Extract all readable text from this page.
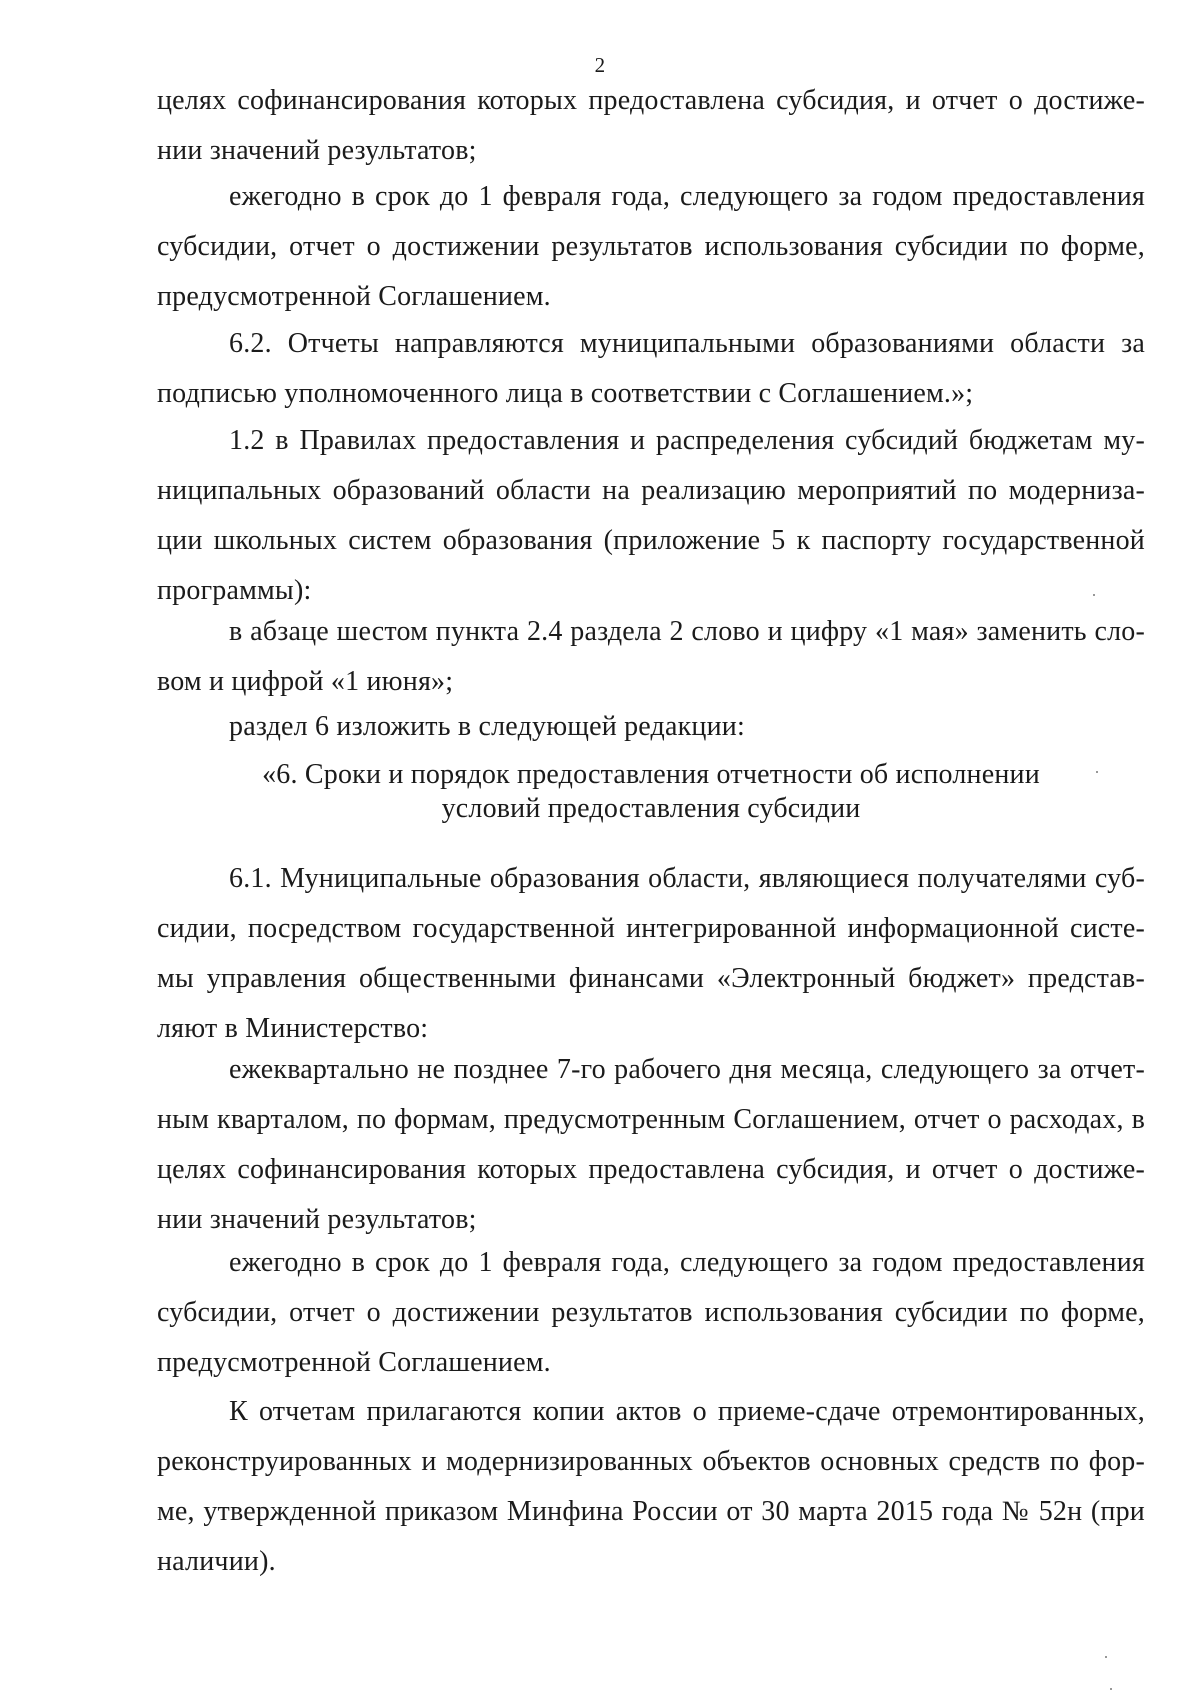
2

целях софинансирования которых предоставлена субсидия, и отчет о достиже-нии значений результатов;

ежегодно в срок до 1 февраля года, следующего за годом предоставления субсидии, отчет о достижении результатов использования субсидии по форме, предусмотренной Соглашением.

6.2. Отчеты направляются муниципальными образованиями области за подписью уполномоченного лица в соответствии с Соглашением.»;

1.2 в Правилах предоставления и распределения субсидий бюджетам му-ниципальных образований области на реализацию мероприятий по модерниза-ции школьных систем образования (приложение 5 к паспорту государственной программы):

в абзаце шестом пункта 2.4 раздела 2 слово и цифру «1 мая» заменить сло-вом и цифрой «1 июня»;

раздел 6 изложить в следующей редакции:

«6. Сроки и порядок предоставления отчетности об исполнении

условий предоставления субсидии

6.1. Муниципальные образования области, являющиеся получателями суб-сидии, посредством государственной интегрированной информационной систе-мы управления общественными финансами «Электронный бюджет» представ-ляют в Министерство:

ежеквартально не позднее 7-го рабочего дня месяца, следующего за отчет-ным кварталом, по формам, предусмотренным Соглашением, отчет о расходах, в целях софинансирования которых предоставлена субсидия, и отчет о достиже-нии значений результатов;

ежегодно в срок до 1 февраля года, следующего за годом предоставления субсидии, отчет о достижении результатов использования субсидии по форме, предусмотренной Соглашением.

К отчетам прилагаются копии актов о приеме-сдаче отремонтированных, реконструированных и модернизированных объектов основных средств по фор-ме, утвержденной приказом Минфина России от 30 марта 2015 года № 52н (при наличии).
